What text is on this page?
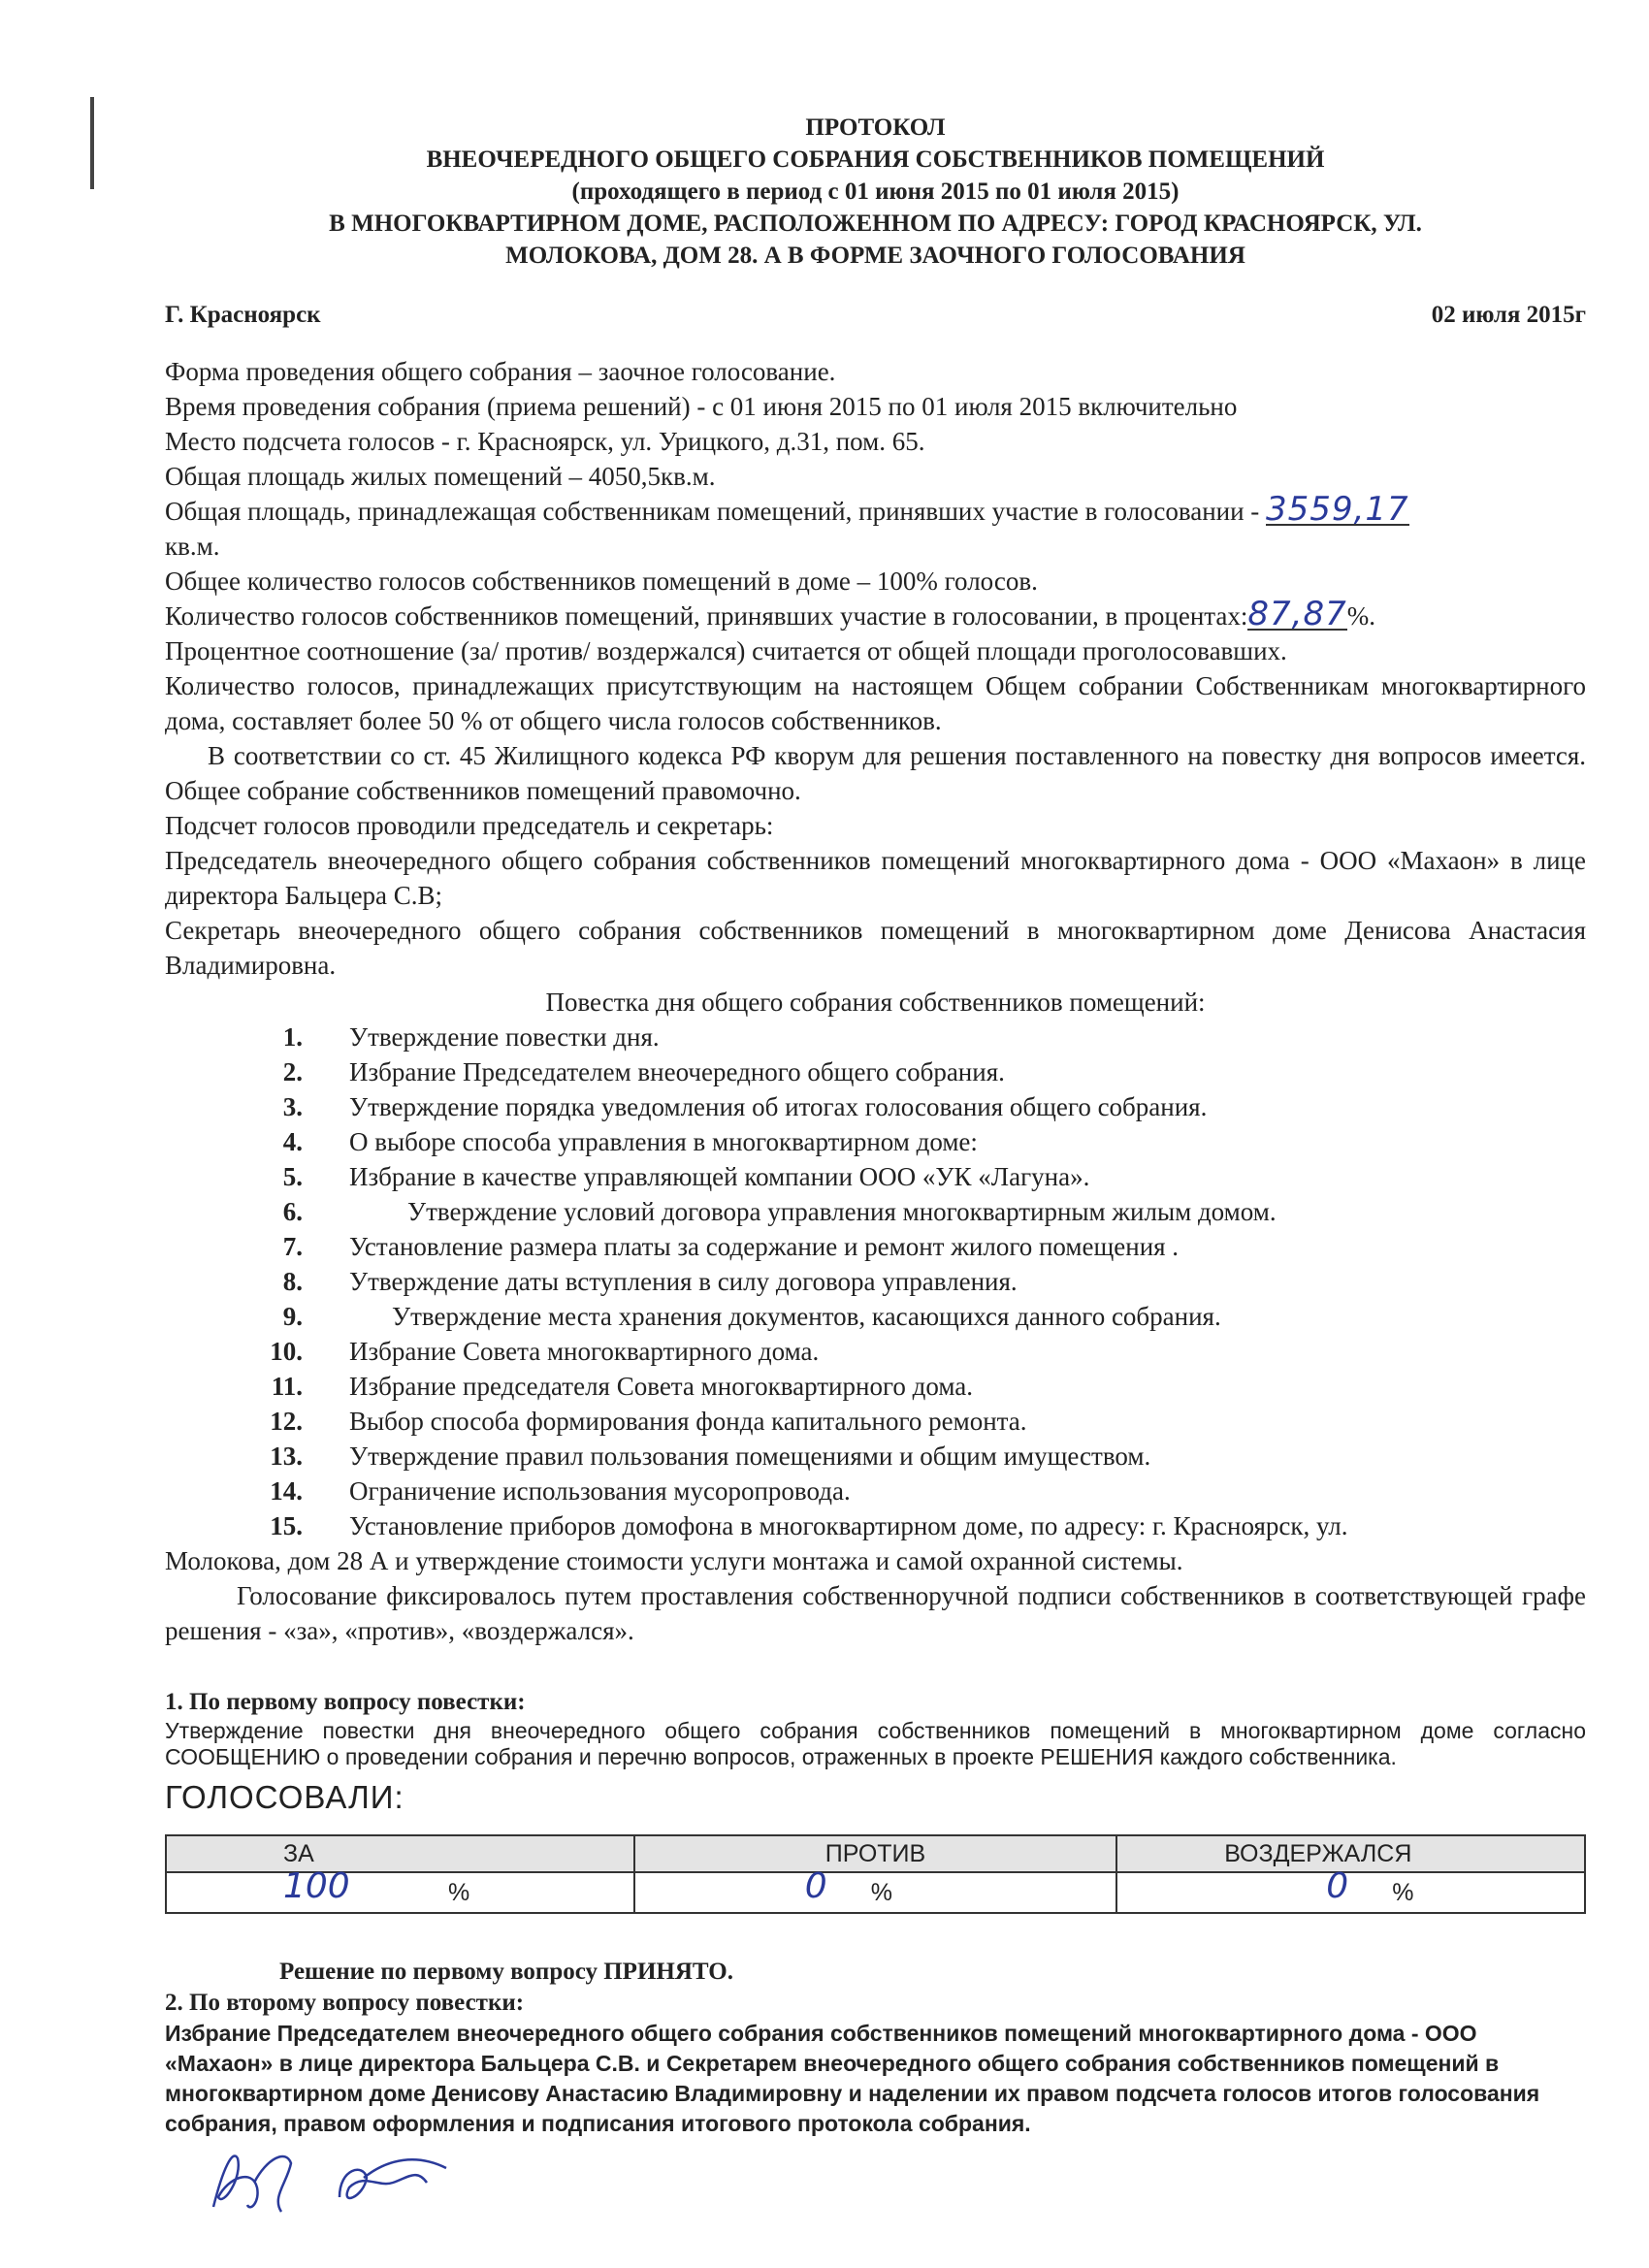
ПРОТОКОЛ
ВНЕОЧЕРЕДНОГО ОБЩЕГО СОБРАНИЯ СОБСТВЕННИКОВ ПОМЕЩЕНИЙ
(проходящего в период с 01 июня 2015 по 01 июля 2015)
В МНОГОКВАРТИРНОМ ДОМЕ, РАСПОЛОЖЕННОМ ПО АДРЕСУ: ГОРОД КРАСНОЯРСК, УЛ.
МОЛОКОВА, ДОМ 28. А В ФОРМЕ ЗАОЧНОГО ГОЛОСОВАНИЯ
Г. Красноярск	02 июля 2015г

Форма проведения общего собрания – заочное голосование.

Время проведения собрания (приема решений) - с 01 июня 2015 по 01 июля 2015 включительно

Место подсчета голосов - г. Красноярск, ул. Урицкого, д.31, пом. 65.

Общая площадь жилых помещений – 4050,5кв.м.

Общая площадь, принадлежащая собственникам помещений, принявших участие в голосовании - 3559,17

кв.м.

Общее количество голосов собственников помещений в доме – 100% голосов.

Количество голосов собственников помещений, принявших участие в голосовании, в процентах:87,87%.

Процентное соотношение (за/ против/ воздержался) считается от общей площади проголосовавших.

Количество голосов, принадлежащих присутствующим на настоящем Общем собрании Собственникам многоквартирного дома, составляет более 50 % от общего числа голосов собственников.

В соответствии со ст. 45 Жилищного кодекса РФ кворум для решения поставленного на повестку дня вопросов имеется. Общее собрание собственников помещений правомочно.

Подсчет голосов проводили председатель и секретарь:

Председатель внеочередного общего собрания собственников помещений многоквартирного дома - ООО «Махаон» в лице директора Бальцера С.В;

Секретарь внеочередного общего собрания собственников помещений в многоквартирном доме Денисова Анастасия Владимировна.

Повестка дня общего собрания собственников помещений:
1.	Утверждение повестки дня.
2.	Избрание Председателем внеочередного общего собрания.
3.	Утверждение порядка уведомления об итогах голосования общего собрания.
4.	О выборе способа управления в многоквартирном доме:
5.	Избрание в качестве управляющей компании ООО «УК «Лагуна».
6.	Утверждение условий договора управления многоквартирным жилым домом.
7.	Установление размера платы за содержание и ремонт жилого помещения .
8.	Утверждение даты вступления в силу договора управления.
9.	Утверждение места хранения документов, касающихся данного собрания.
10.	Избрание Совета многоквартирного дома.
11.	Избрание председателя Совета многоквартирного дома.
12.	Выбор способа формирования фонда капитального ремонта.
13.	Утверждение правил пользования помещениями и общим имуществом.
14.	Ограничение использования мусоропровода.
15.	Установление приборов домофона в многоквартирном доме, по адресу: г. Красноярск, ул.

Молокова, дом 28 А и утверждение стоимости услуги монтажа и самой охранной системы.

Голосование фиксировалось путем проставления собственноручной подписи собственников в соответствующей графе решения - «за», «против», «воздержался».

1. По первому вопросу повестки:

Утверждение повестки дня внеочередного общего собрания собственников помещений в многоквартирном доме согласно СООБЩЕНИЮ о проведении собрания и перечню вопросов, отраженных в проекте РЕШЕНИЯ каждого собственника.

ГОЛОСОВАЛИ:
ЗА	ПРОТИВ	ВОЗДЕРЖАЛСЯ

100 %	0 %	0 %
Решение по первому вопросу ПРИНЯТО.
2. По второму вопросу повестки:

Избрание Председателем внеочередного общего собрания собственников помещений многоквартирного дома - ООО «Махаон» в лице директора Бальцера С.В. и Секретарем внеочередного общего собрания собственников помещений в многоквартирном доме Денисову Анастасию Владимировну и наделении их правом подсчета голосов итогов голосования собрания, правом оформления и подписания итогового протокола собрания.
